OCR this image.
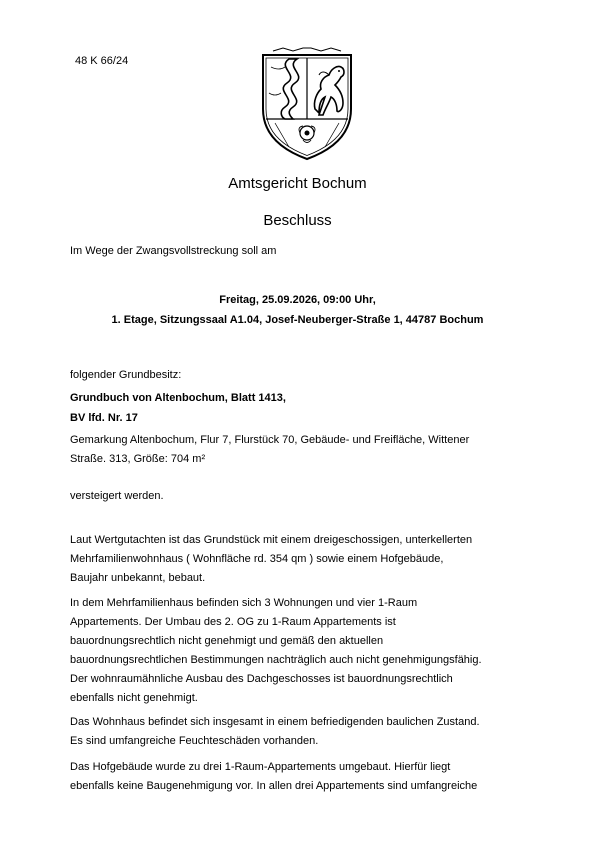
48 K 66/24
Amtsgericht Bochum
Beschluss
Im Wege der Zwangsvollstreckung soll am
Freitag, 25.09.2026, 09:00 Uhr,
1. Etage, Sitzungssaal A1.04, Josef-Neuberger-Straße 1, 44787 Bochum
folgender Grundbesitz:
Grundbuch von Altenbochum, Blatt 1413,
BV lfd. Nr. 17
Gemarkung Altenbochum, Flur 7, Flurstück 70, Gebäude- und Freifläche, Wittener
Straße. 313, Größe: 704 m²
versteigert werden.
Laut Wertgutachten ist das Grundstück mit einem dreigeschossigen, unterkellerten
Mehrfamilienwohnhaus ( Wohnfläche rd. 354 qm ) sowie einem Hofgebäude,
Baujahr unbekannt, bebaut.
In dem Mehrfamilienhaus befinden sich 3 Wohnungen und vier 1-Raum
Appartements. Der Umbau des 2. OG zu 1-Raum Appartements ist
bauordnungsrechtlich nicht genehmigt und gemäß den aktuellen
bauordnungsrechtlichen Bestimmungen nachträglich auch nicht genehmigungsfähig.
Der wohnraumähnliche Ausbau des Dachgeschosses ist bauordnungsrechtlich
ebenfalls nicht genehmigt.
Das Wohnhaus befindet sich insgesamt in einem befriedigenden baulichen Zustand.
Es sind umfangreiche Feuchteschäden vorhanden.
Das Hofgebäude wurde zu drei 1-Raum-Appartements umgebaut. Hierfür liegt
ebenfalls keine Baugenehmigung vor. In allen drei Appartements sind umfangreiche
